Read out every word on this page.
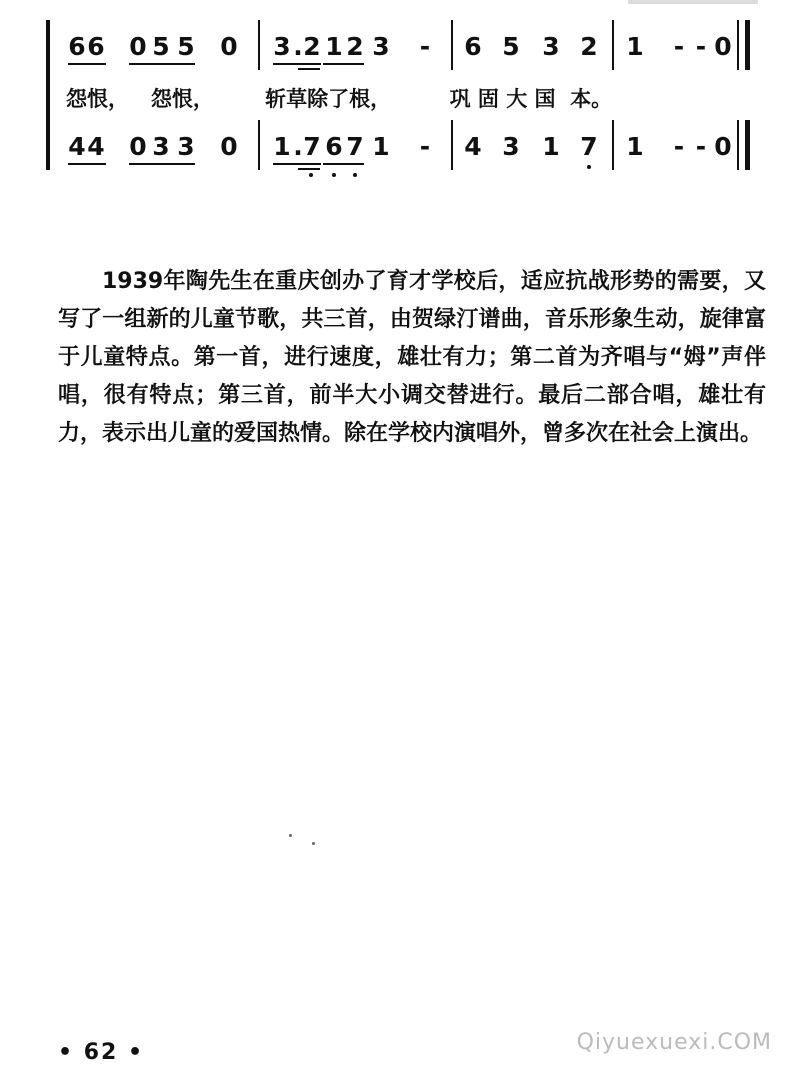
6 6 0 5 5 0 3 . 2 1 2 3 - 6 5 3 2 1 - - 0
怨恨，   怨恨，       斩草除了根，        巩 固 大 国  本。
4 4 0 3 3 0 1 . 7 6 7 1 - 4 3 1 7 1 - - 0

1939年陶先生在重庆创办了育才学校后，适应抗战形势的需要，又写了一组新的儿童节歌，共三首，由贺绿汀谱曲，音乐形象生动，旋律富于儿童特点。第一首，进行速度，雄壮有力；第二首为齐唱与“姆”声伴唱，很有特点；第三首，前半大小调交替进行。最后二部合唱，雄壮有力，表示出儿童的爱国热情。除在学校内演唱外，曾多次在社会上演出。

• 62 •	Qiyuexuexi.COM
